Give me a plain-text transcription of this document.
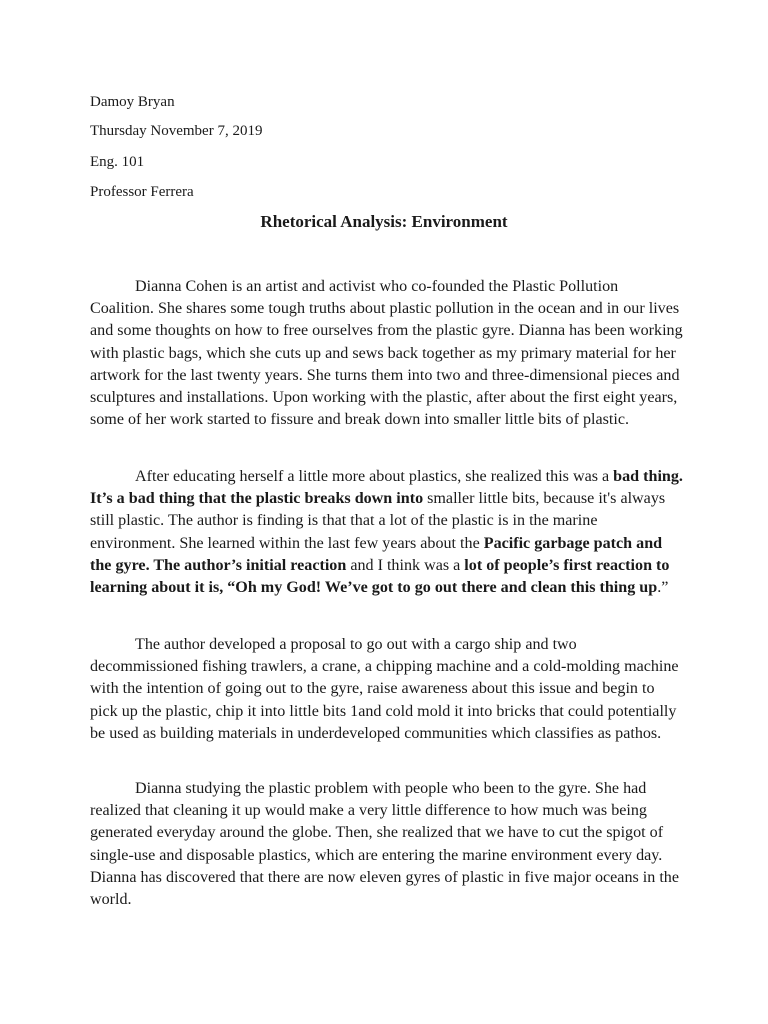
Damoy Bryan
Thursday November 7, 2019
Eng. 101
Professor Ferrera
Rhetorical Analysis: Environment

Dianna Cohen is an artist and activist who co-founded the Plastic Pollution Coalition. She shares some tough truths about plastic pollution in the ocean and in our lives and some thoughts on how to free ourselves from the plastic gyre. Dianna has been working with plastic bags, which she cuts up and sews back together as my primary material for her artwork for the last twenty years. She turns them into two and three-dimensional pieces and sculptures and installations. Upon working with the plastic, after about the first eight years, some of her work started to fissure and break down into smaller little bits of plastic.

After educating herself a little more about plastics, she realized this was a bad thing. It’s a bad thing that the plastic breaks down into smaller little bits, because it's always still plastic. The author is finding is that that a lot of the plastic is in the marine environment. She learned within the last few years about the Pacific garbage patch and the gyre. The author’s initial reaction and I think was a lot of people’s first reaction to learning about it is, “Oh my God! We’ve got to go out there and clean this thing up.”

The author developed a proposal to go out with a cargo ship and two decommissioned fishing trawlers, a crane, a chipping machine and a cold-molding machine with the intention of going out to the gyre, raise awareness about this issue and begin to pick up the plastic, chip it into little bits 1and cold mold it into bricks that could potentially be used as building materials in underdeveloped communities which classifies as pathos.

Dianna studying the plastic problem with people who been to the gyre. She had realized that cleaning it up would make a very little difference to how much was being generated everyday around the globe. Then, she realized that we have to cut the spigot of single-use and disposable plastics, which are entering the marine environment every day. Dianna has discovered that there are now eleven gyres of plastic in five major oceans in the world.
